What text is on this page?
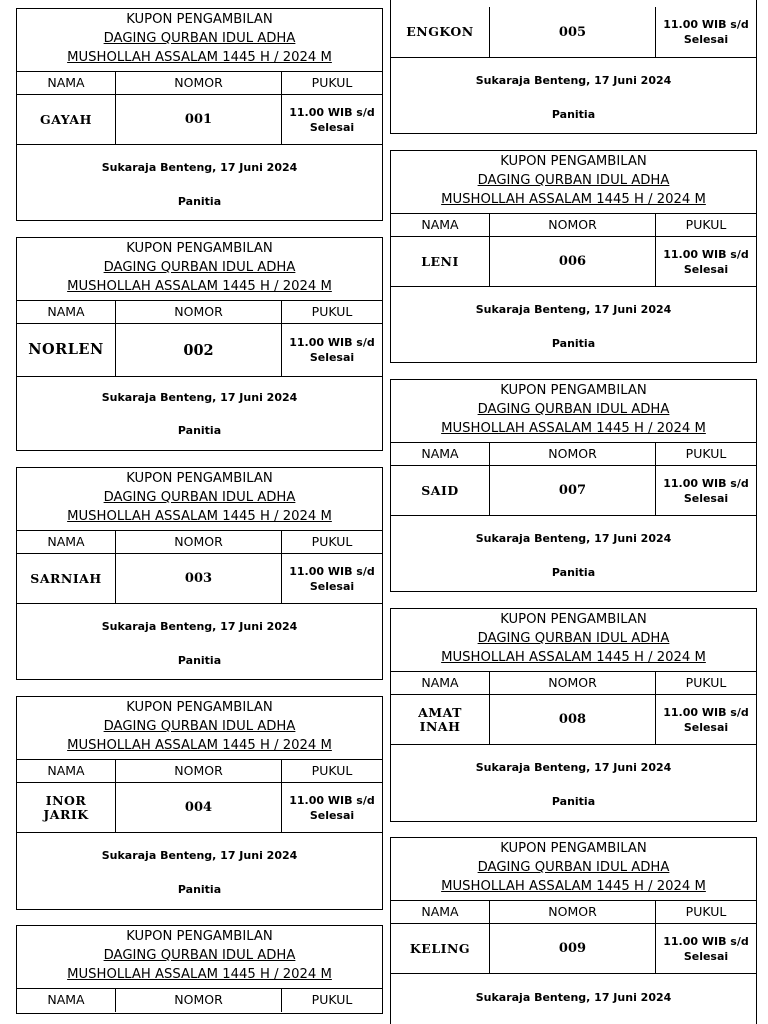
KUPON PENGAMBILAN
DAGING QURBAN IDUL ADHA
MUSHOLLAH ASSALAM 1445 H / 2024 M
NAMA	NOMOR	PUKUL
GAYAH	001	11.00 WIB s/d
Selesai
Sukaraja Benteng, 17 Juni 2024
Panitia
KUPON PENGAMBILAN
DAGING QURBAN IDUL ADHA
MUSHOLLAH ASSALAM 1445 H / 2024 M
NAMA	NOMOR	PUKUL
NORLEN	002	11.00 WIB s/d
Selesai
Sukaraja Benteng, 17 Juni 2024
Panitia
KUPON PENGAMBILAN
DAGING QURBAN IDUL ADHA
MUSHOLLAH ASSALAM 1445 H / 2024 M
NAMA	NOMOR	PUKUL
SARNIAH	003	11.00 WIB s/d
Selesai
Sukaraja Benteng, 17 Juni 2024
Panitia
KUPON PENGAMBILAN
DAGING QURBAN IDUL ADHA
MUSHOLLAH ASSALAM 1445 H / 2024 M
NAMA	NOMOR	PUKUL
INOR JARIK	004	11.00 WIB s/d
Selesai
Sukaraja Benteng, 17 Juni 2024
Panitia
KUPON PENGAMBILAN
DAGING QURBAN IDUL ADHA
MUSHOLLAH ASSALAM 1445 H / 2024 M
NAMA	NOMOR	PUKUL
ENGKON	005	11.00 WIB s/d
Selesai
Sukaraja Benteng, 17 Juni 2024
Panitia
KUPON PENGAMBILAN
DAGING QURBAN IDUL ADHA
MUSHOLLAH ASSALAM 1445 H / 2024 M
NAMA	NOMOR	PUKUL
LENI	006	11.00 WIB s/d
Selesai
Sukaraja Benteng, 17 Juni 2024
Panitia
KUPON PENGAMBILAN
DAGING QURBAN IDUL ADHA
MUSHOLLAH ASSALAM 1445 H / 2024 M
NAMA	NOMOR	PUKUL
SAID	007	11.00 WIB s/d
Selesai
Sukaraja Benteng, 17 Juni 2024
Panitia
KUPON PENGAMBILAN
DAGING QURBAN IDUL ADHA
MUSHOLLAH ASSALAM 1445 H / 2024 M
NAMA	NOMOR	PUKUL
AMAT INAH	008	11.00 WIB s/d
Selesai
Sukaraja Benteng, 17 Juni 2024
Panitia
KUPON PENGAMBILAN
DAGING QURBAN IDUL ADHA
MUSHOLLAH ASSALAM 1445 H / 2024 M
NAMA	NOMOR	PUKUL
KELING	009	11.00 WIB s/d
Selesai
Sukaraja Benteng, 17 Juni 2024
